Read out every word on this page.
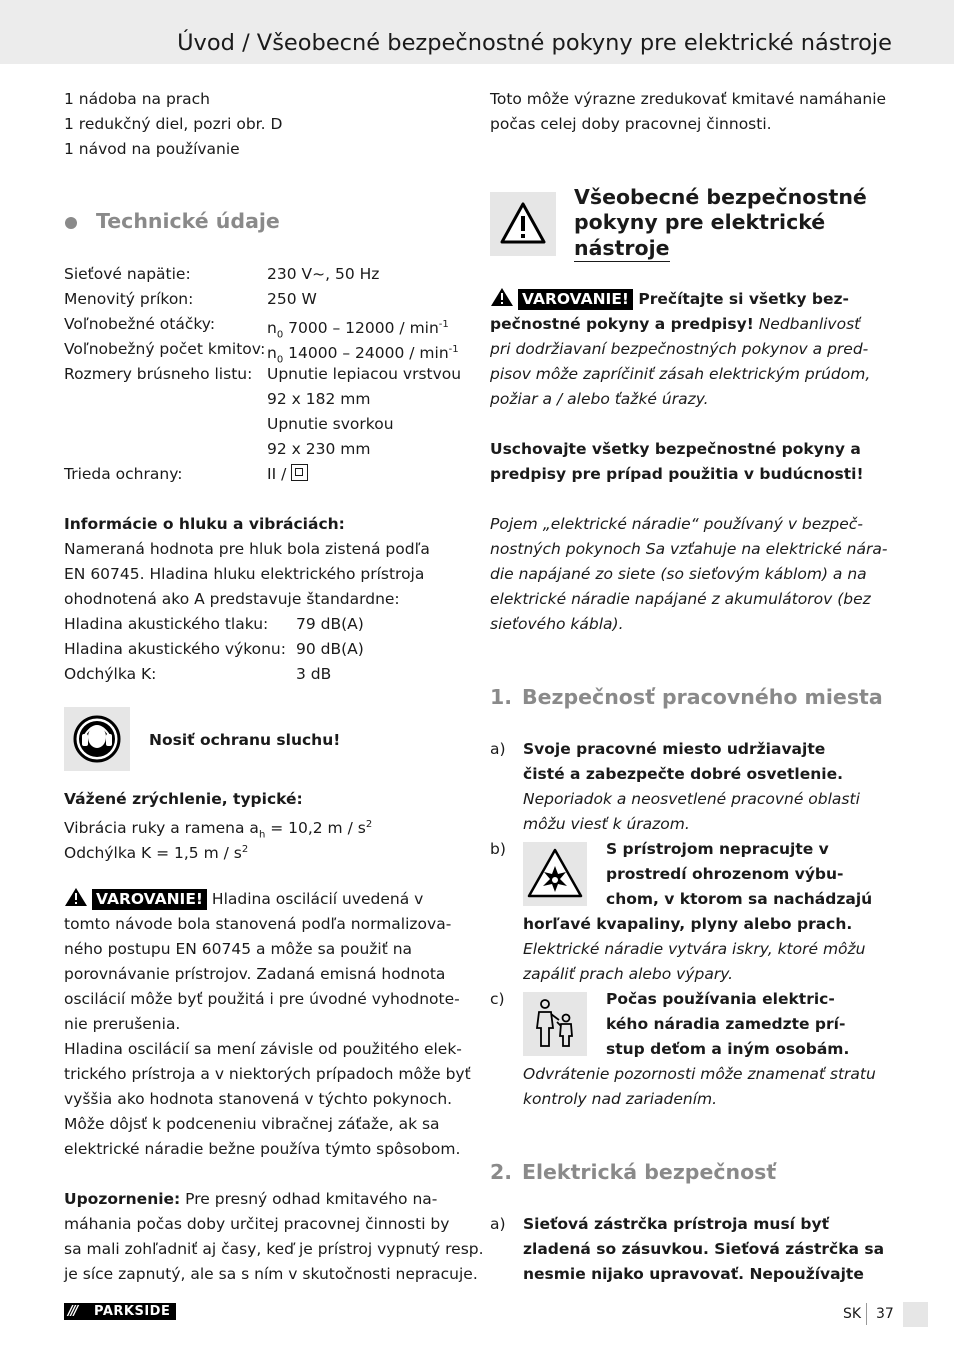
Úvod / Všeobecné bezpečnostné pokyny pre elektrické nástroje
1 nádoba na prach
1 redukčný diel, pozri obr. D
1 návod na používanie
Technické údaje
Sieťové napätie:	230 V~, 50 Hz
Menovitý príkon:	250 W
Voľnobežné otáčky:	$n_0$ $7000 - 12000 / \min^{-1}$
Voľnobežný počet kmitov: $n_0$ $14000 - 24000 / \min^{-1}$
Rozmery brúsneho listu: Upnutie lepiacou vrstvou
92 x 182 mm
Upnutie svorkou
92 x 230 mm
Trieda ochrany:	II /
Informácie o hluku a vibráciách:
Nameraná hodnota pre hluk bola zistená podľa
EN 60745. Hladina hluku elektrického prístroja
ohodnotená ako A predstavuje štandardne:
Hladina akustického tlaku: 79 dB(A)
Hladina akustického výkonu: 90 dB(A)
Odchýlka K:	3 dB
Nosiť ochranu sluchu!
Vážené zrýchlenie, typické:
Vibrácia ruky a ramena $a_h = 10,2$ m / $s^2$
Odchýlka K = 1,5 m / $s^2$
VAROVANIE! Hladina oscilácií uvedená v
tomto návode bola stanovená podľa normalizova-
ného postupu EN 60745 a môže sa použiť na
porovnávanie prístrojov. Zadaná emisná hodnota
oscilácií môže byť použitá i pre úvodné vyhodnote-
nie prerušenia.
Hladina oscilácií sa mení závisle od použitého elek-
trického prístroja a v niektorých prípadoch môže byť
vyššia ako hodnota stanovená v týchto pokynoch.
Môže dôjsť k podceneniu vibračnej záťaže, ak sa
elektrické náradie bežne používa týmto spôsobom.
Upozornenie: Pre presný odhad kmitavého na-
máhania počas doby určitej pracovnej činnosti by
sa mali zohľadniť aj časy, keď je prístroj vypnutý resp.
je síce zapnutý, ale sa s ním v skutočnosti nepracuje.
Toto môže výrazne zredukovať kmitavé namáhanie
počas celej doby pracovnej činnosti.
Všeobecné bezpečnostné
pokyny pre elektrické
nástroje
VAROVANIE! Prečítajte si všetky bez-
pečnostné pokyny a predpisy! Nedbanlivosť
pri dodržiavaní bezpečnostných pokynov a pred-
pisov môže zapríčiniť zásah elektrickým prúdom,
požiar a / alebo ťažké úrazy.
Uschovajte všetky bezpečnostné pokyny a
predpisy pre prípad použitia v budúcnosti!
Pojem „elektrické náradie“ používaný v bezpeč-
nostných pokynoch Sa vzťahuje na elektrické nára-
die napájané zo siete (so sieťovým káblom) a na
elektrické náradie napájané z akumulátorov (bez
sieťového kábla).
1. Bezpečnosť pracovného miesta
a) Svoje pracovné miesto udržiavajte
čisté a zabezpečte dobré osvetlenie.
Neporiadok a neosvetlené pracovné oblasti
môžu viesť k úrazom.
b)	S prístrojom nepracujte v
prostredí ohrozenom výbu-
chom, v ktorom sa nachádzajú
horľavé kvapaliny, plyny alebo prach.
Elektrické náradie vytvára iskry, ktoré môžu
zapáliť prach alebo výpary.
c)	Počas používania elektric-
kého náradia zamedzte prí-
stup deťom a iným osobám.
Odvrátenie pozornosti môže znamenať stratu
kontroly nad zariadením.
2. Elektrická bezpečnosť
a) Sieťová zástrčka prístroja musí byť
zladená so zásuvkou. Sieťová zástrčka sa
nesmie nijako upravovať. Nepoužívajte
/// PARKSIDE	SK 37
